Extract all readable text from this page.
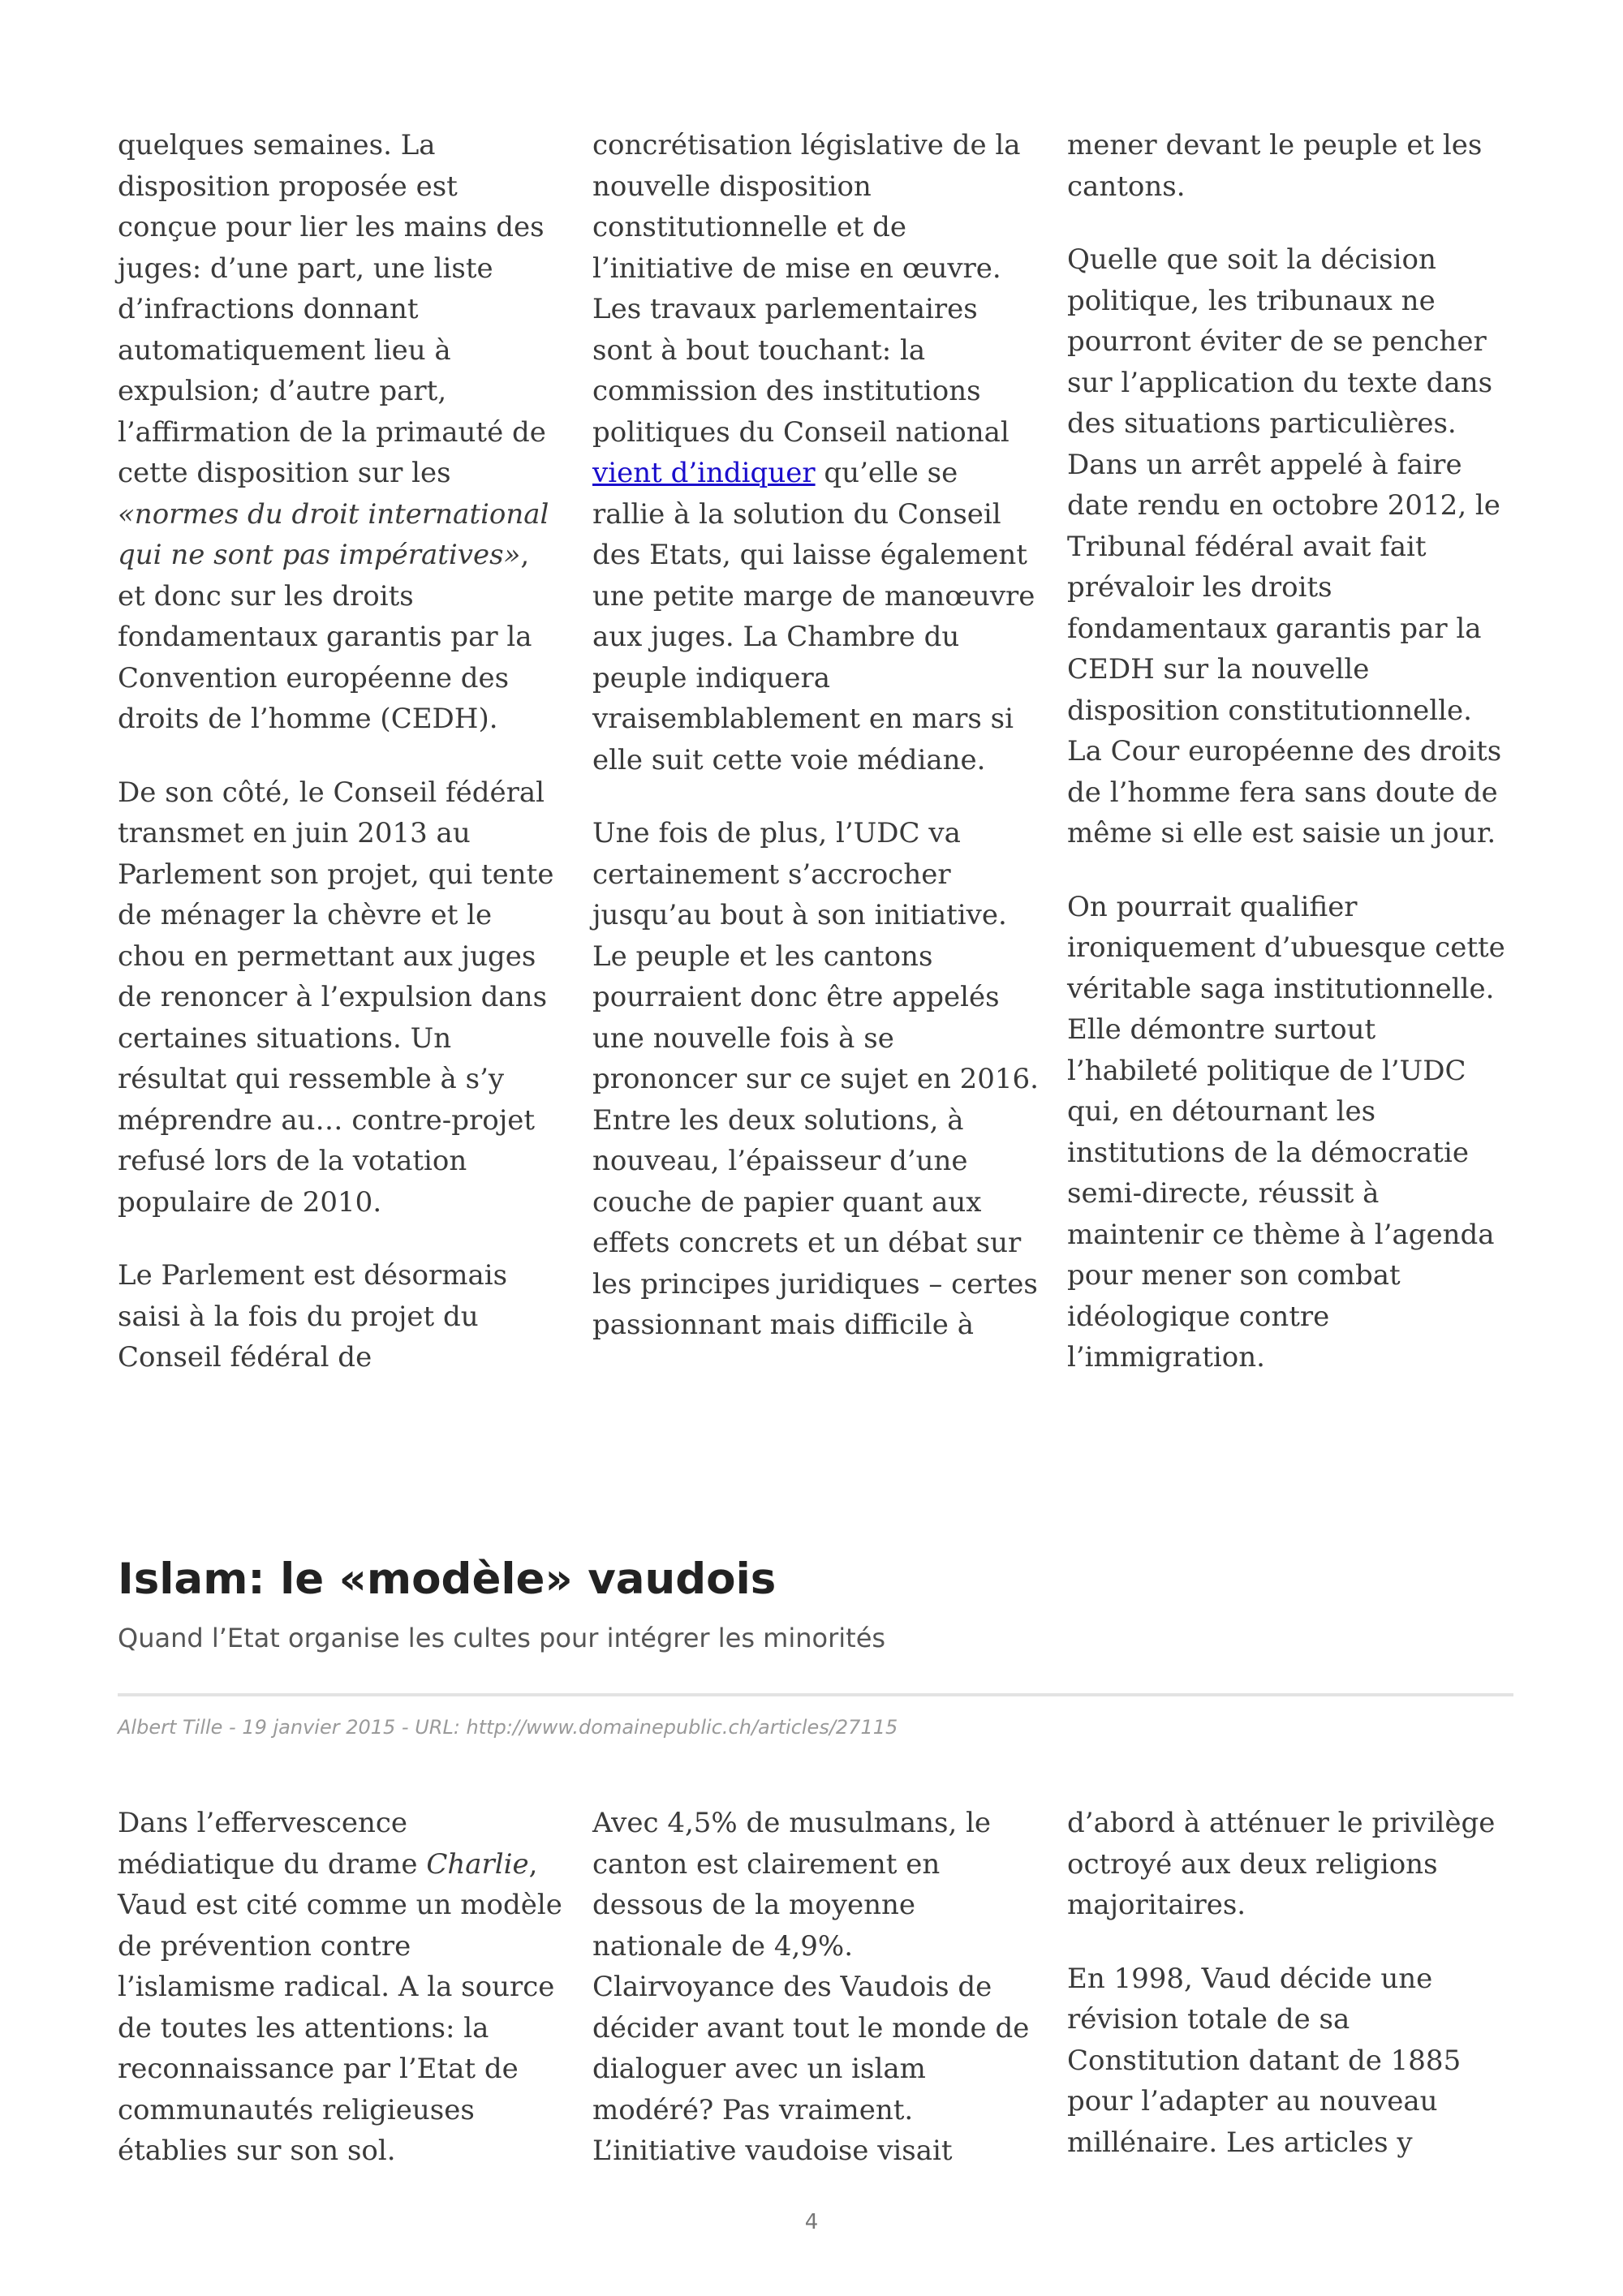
quelques semaines. La disposition proposée est conçue pour lier les mains des juges: d’une part, une liste d’infractions donnant automatiquement lieu à expulsion; d’autre part, l’affirmation de la primauté de cette disposition sur les «normes du droit international qui ne sont pas impératives», et donc sur les droits fondamentaux garantis par la Convention européenne des droits de l’homme (CEDH).

De son côté, le Conseil fédéral transmet en juin 2013 au Parlement son projet, qui tente de ménager la chèvre et le chou en permettant aux juges de renoncer à l’expulsion dans certaines situations. Un résultat qui ressemble à s’y méprendre au… contre-projet refusé lors de la votation populaire de 2010.

Le Parlement est désormais saisi à la fois du projet du Conseil fédéral de

concrétisation législative de la nouvelle disposition constitutionnelle et de l’initiative de mise en œuvre. Les travaux parlementaires sont à bout touchant: la commission des institutions politiques du Conseil national vient d’indiquer qu’elle se rallie à la solution du Conseil des Etats, qui laisse également une petite marge de manœuvre aux juges. La Chambre du peuple indiquera vraisemblablement en mars si elle suit cette voie médiane.

Une fois de plus, l’UDC va certainement s’accrocher jusqu’au bout à son initiative. Le peuple et les cantons pourraient donc être appelés une nouvelle fois à se prononcer sur ce sujet en 2016. Entre les deux solutions, à nouveau, l’épaisseur d’une couche de papier quant aux effets concrets et un débat sur les principes juridiques – certes passionnant mais difficile à

mener devant le peuple et les cantons.

Quelle que soit la décision politique, les tribunaux ne pourront éviter de se pencher sur l’application du texte dans des situations particulières. Dans un arrêt appelé à faire date rendu en octobre 2012, le Tribunal fédéral avait fait prévaloir les droits fondamentaux garantis par la CEDH sur la nouvelle disposition constitutionnelle. La Cour européenne des droits de l’homme fera sans doute de même si elle est saisie un jour.

On pourrait qualifier ironiquement d’ubuesque cette véritable saga institutionnelle. Elle démontre surtout l’habileté politique de l’UDC qui, en détournant les institutions de la démocratie semi-directe, réussit à maintenir ce thème à l’agenda pour mener son combat idéologique contre l’immigration.

Islam: le «modèle» vaudois

Quand l’Etat organise les cultes pour intégrer les minorités

Albert Tille - 19 janvier 2015 - URL: http://www.domainepublic.ch/articles/27115

Dans l’effervescence médiatique du drame Charlie, Vaud est cité comme un modèle de prévention contre l’islamisme radical. A la source de toutes les attentions: la reconnaissance par l’Etat de communautés religieuses établies sur son sol.

Avec 4,5% de musulmans, le canton est clairement en dessous de la moyenne nationale de 4,9%. Clairvoyance des Vaudois de décider avant tout le monde de dialoguer avec un islam modéré? Pas vraiment. L’initiative vaudoise visait

d’abord à atténuer le privilège octroyé aux deux religions majoritaires.

En 1998, Vaud décide une révision totale de sa Constitution datant de 1885 pour l’adapter au nouveau millénaire. Les articles y

4
